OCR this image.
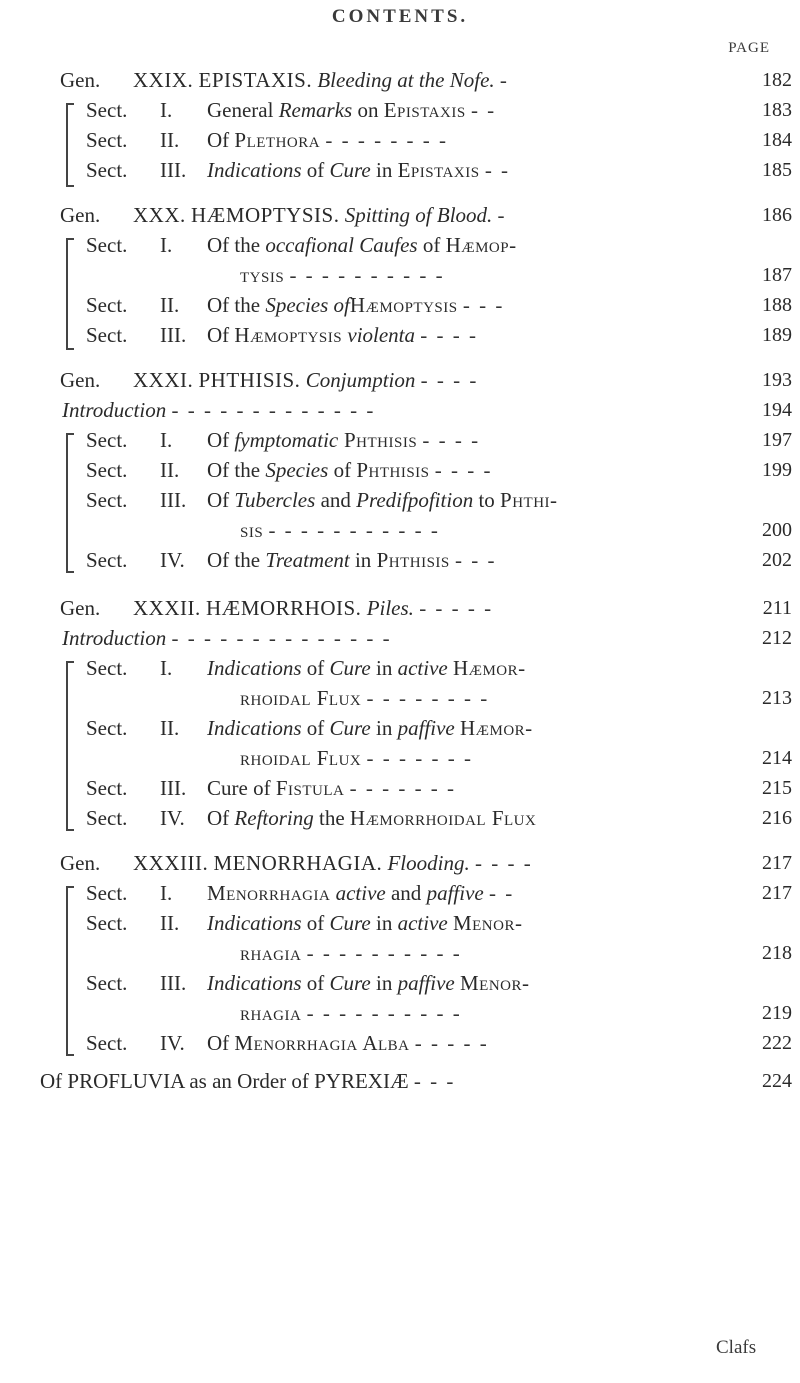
CONTENTS.
PAGE
Gen. XXIX. EPISTAXIS. Bleeding at the Nofe. -	182
Sect. I. General Remarks on Epistaxis - -	183
Sect. II. Of Plethora - - - - - - - -	184
Sect. III. Indications of Cure in Epistaxis - -	185
Gen. XXX. HÆMOPTYSIS. Spitting of Blood. -	186
Sect. I. Of the occafional Caufes of Hæmop-
tysis - - - - - - - - - -	187
Sect. II. Of the Species ofHæmoptysis - - -	188
Sect. III. Of Hæmoptysis violenta - - - -	189
Gen. XXXI. PHTHISIS. Conjumption - - - -	193
Introduction - - - - - - - - - - - - -	194
Sect. I. Of fymptomatic Phthisis - - - -	197
Sect. II. Of the Species of Phthisis - - - -	199
Sect. III. Of Tubercles and Predifpofition to Phthi-
sis - - - - - - - - - - -	200
Sect. IV. Of the Treatment in Phthisis - - -	202
Gen. XXXII. HÆMORRHOIS. Piles. - - - - -	211
Introduction - - - - - - - - - - - - - -	212
Sect. I. Indications of Cure in active Hæmor-
rhoidal Flux - - - - - - - -	213
Sect. II. Indications of Cure in paffive Hæmor-
rhoidal Flux - - - - - - -	214
Sect. III. Cure of Fistula - - - - - - -	215
Sect. IV. Of Reftoring the Hæmorrhoidal Flux	216
Gen. XXXIII. MENORRHAGIA. Flooding. - - - -	217
Sect. I. Menorrhagia active and paffive - -	217
Sect. II. Indications of Cure in active Menor-
rhagia - - - - - - - - - -	218
Sect. III. Indications of Cure in paffive Menor-
rhagia - - - - - - - - - -	219
Sect. IV. Of Menorrhagia Alba - - - - -	222
Of PROFLUVIA as an Order of PYREXIÆ - - -	224
Clafs
